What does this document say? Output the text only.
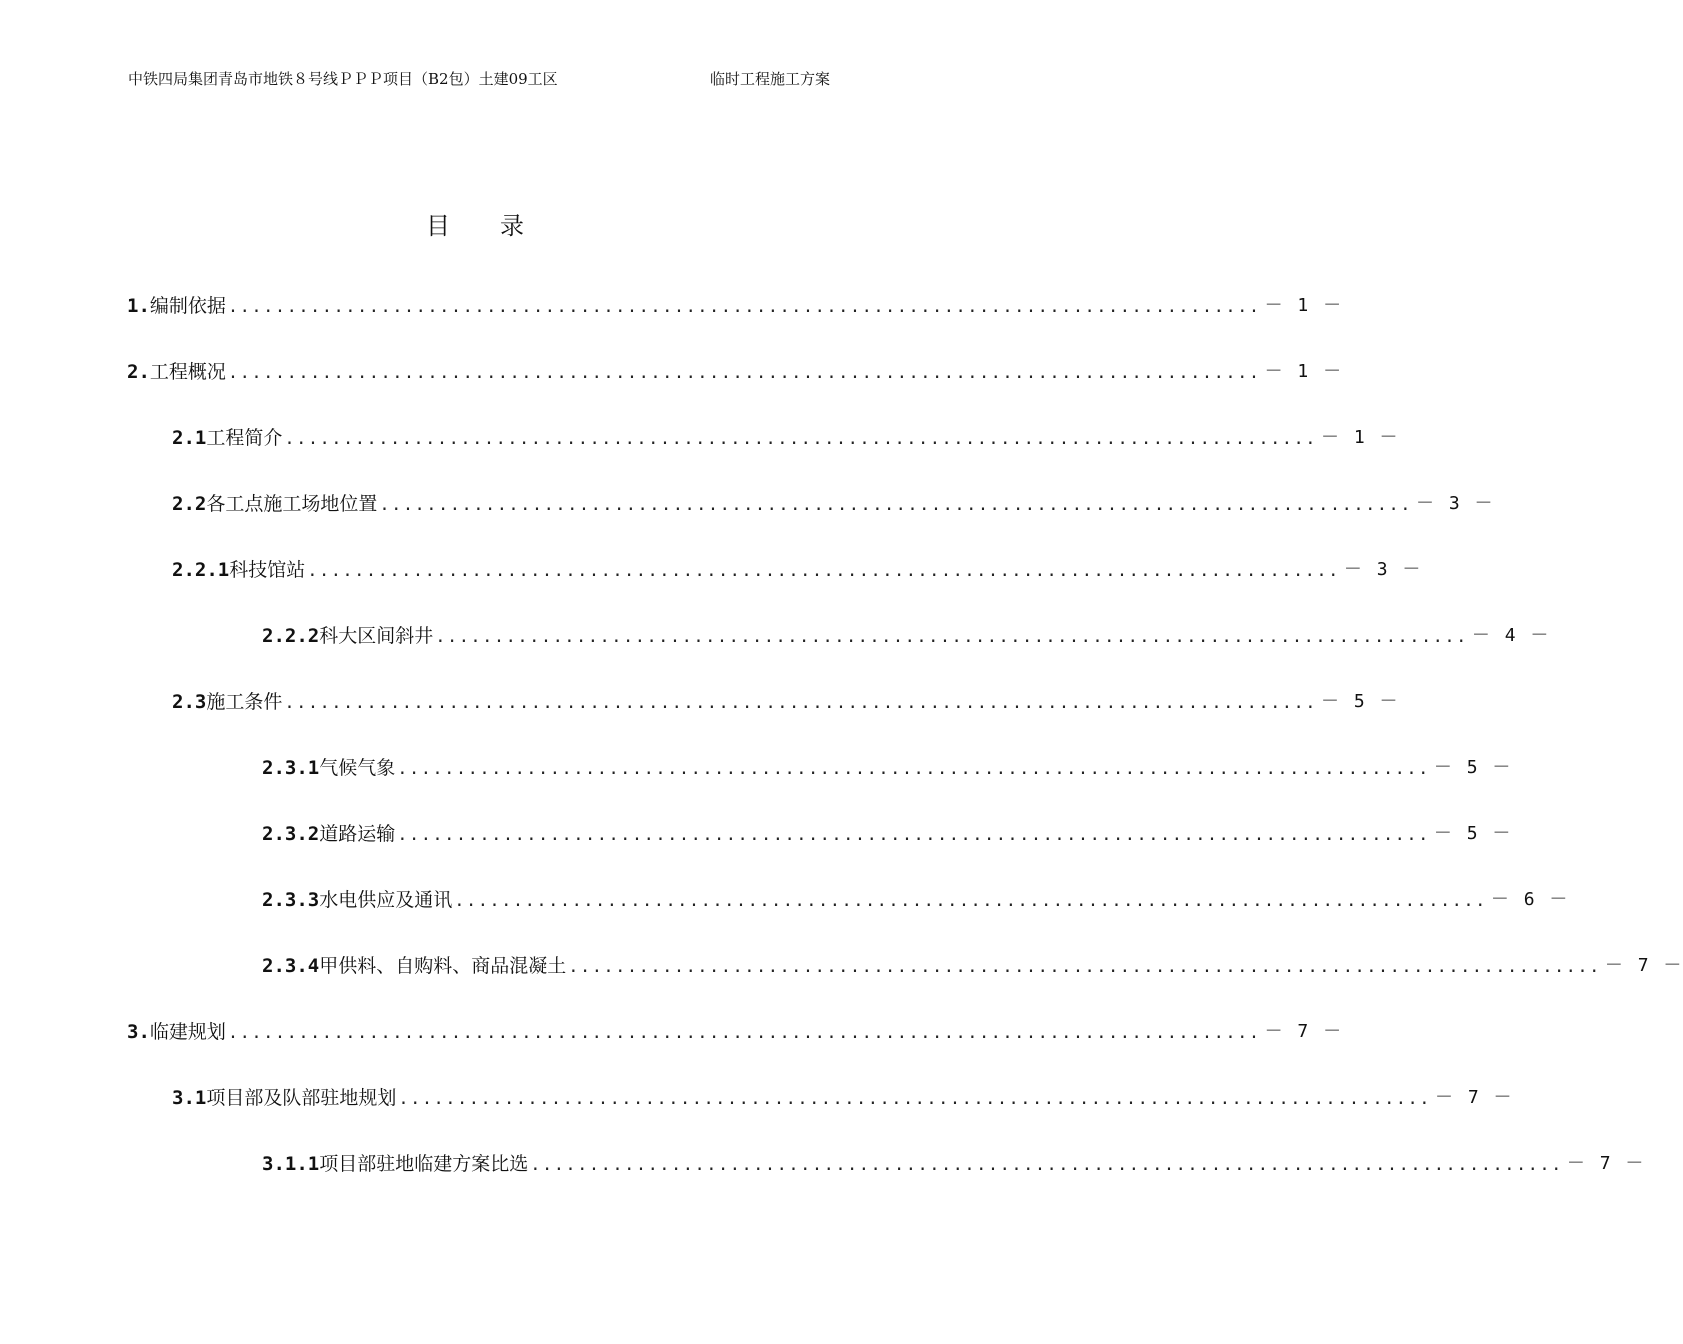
中铁四局集团青岛市地铁８号线ＰＰＰ项目（B2包）土建09工区	临时工程施工方案
目录
1. 编制依据 ........................................................................................ － 1 －
2. 工程概况 ........................................................................................ － 1 －
2.1 工程简介 ........................................................................................ － 1 －
2.2 各工点施工场地位置 ........................................................................................ － 3 －
2.2.1 科技馆站 ........................................................................................ － 3 －
2.2.2 科大区间斜井 ........................................................................................ － 4 －
2.3 施工条件 ........................................................................................ － 5 －
2.3.1 气候气象 ........................................................................................ － 5 －
2.3.2 道路运输 ........................................................................................ － 5 －
2.3.3 水电供应及通讯 ........................................................................................ － 6 －
2.3.4 甲供料、自购料、商品混凝土 ........................................................................................ － 7 －
3. 临建规划 ........................................................................................ － 7 －
3.1 项目部及队部驻地规划 ........................................................................................ － 7 －
3.1.1 项目部驻地临建方案比选 ........................................................................................ － 7 －
